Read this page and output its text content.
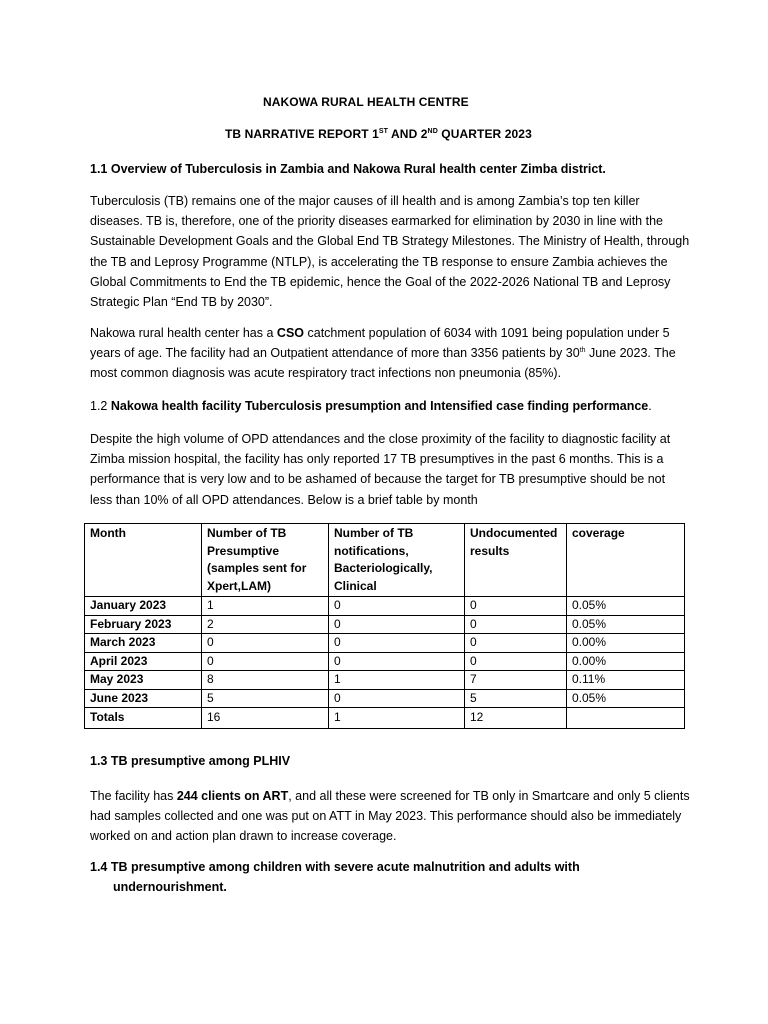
NAKOWA RURAL HEALTH CENTRE
TB NARRATIVE REPORT 1ST AND 2ND QUARTER 2023
1.1 Overview of Tuberculosis in Zambia and Nakowa Rural health center Zimba district.
Tuberculosis (TB) remains one of the major causes of ill health and is among Zambia’s top ten killer diseases. TB is, therefore, one of the priority diseases earmarked for elimination by 2030 in line with the Sustainable Development Goals and the Global End TB Strategy Milestones. The Ministry of Health, through the TB and Leprosy Programme (NTLP), is accelerating the TB response to ensure Zambia achieves the Global Commitments to End the TB epidemic, hence the Goal of the 2022-2026 National TB and Leprosy Strategic Plan “End TB by 2030”.
Nakowa rural health center has a CSO catchment population of 6034 with 1091 being population under 5 years of age. The facility had an Outpatient attendance of more than 3356 patients by 30th June 2023. The most common diagnosis was acute respiratory tract infections non pneumonia (85%).
1.2 Nakowa health facility Tuberculosis presumption and Intensified case finding performance.
Despite the high volume of OPD attendances and the close proximity of the facility to diagnostic facility at Zimba mission hospital, the facility has only reported 17 TB presumptives in the past 6 months. This is a performance that is very low and to be ashamed of because the target for TB presumptive should be not less than 10% of all OPD attendances. Below is a brief table by month
Month	Number of TB Presumptive (samples sent for Xpert,LAM)	Number of TB notifications, Bacteriologically, Clinical	Undocumented results	coverage
January 2023	1	0	0	0.05%
February 2023	2	0	0	0.05%
March 2023	0	0	0	0.00%
April 2023	0	0	0	0.00%
May 2023	8	1	7	0.11%
June 2023	5	0	5	0.05%
Totals	16	1	12	
1.3 TB presumptive among PLHIV
The facility has 244 clients on ART, and all these were screened for TB only in Smartcare and only 5 clients had samples collected and one was put on ATT in May 2023. This performance should also be immediately worked on and action plan drawn to increase coverage.
1.4 TB presumptive among children with severe acute malnutrition and adults with
undernourishment.
